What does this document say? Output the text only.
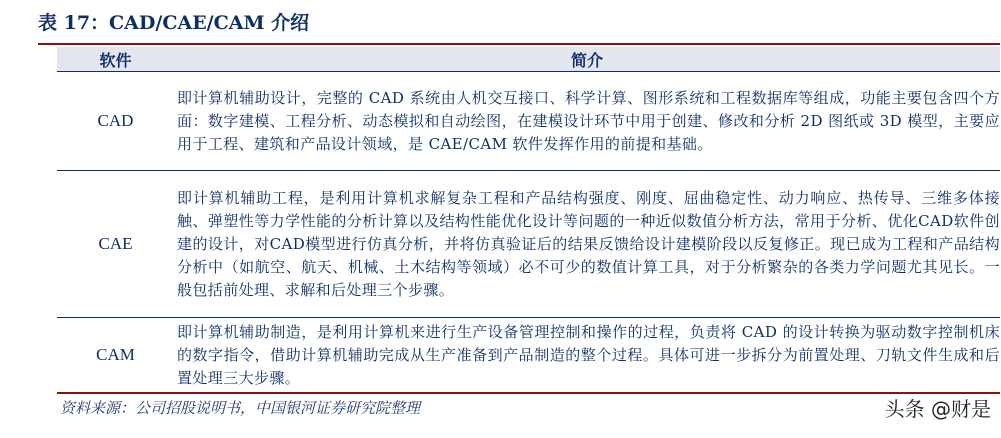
表 17：CAD/CAE/CAM 介绍
软件	简介
CAD
即计算机辅助设计，完整的 CAD 系统由人机交互接口、科学计算、图形系统和工程数据库等组成，功能主要包含四个方面：数字建模、工程分析、动态模拟和自动绘图，在建模设计环节中用于创建、修改和分析 2D 图纸或 3D 模型，主要应用于工程、建筑和产品设计领域，是 CAE/CAM 软件发挥作用的前提和基础。
CAE
即计算机辅助工程，是利用计算机求解复杂工程和产品结构强度、刚度、屈曲稳定性、动力响应、热传导、三维多体接触、弹塑性等力学性能的分析计算以及结构性能优化设计等问题的一种近似数值分析方法，常用于分析、优化CAD软件创建的设计，对CAD模型进行仿真分析，并将仿真验证后的结果反馈给设计建模阶段以反复修正。现已成为工程和产品结构分析中（如航空、航天、机械、土木结构等领域）必不可少的数值计算工具，对于分析繁杂的各类力学问题尤其见长。一般包括前处理、求解和后处理三个步骤。
CAM
即计算机辅助制造，是利用计算机来进行生产设备管理控制和操作的过程，负责将 CAD 的设计转换为驱动数字控制机床的数字指令，借助计算机辅助完成从生产准备到产品制造的整个过程。具体可进一步拆分为前置处理、刀轨文件生成和后置处理三大步骤。
资料来源：公司招股说明书，中国银河证券研究院整理	头条 @财是
